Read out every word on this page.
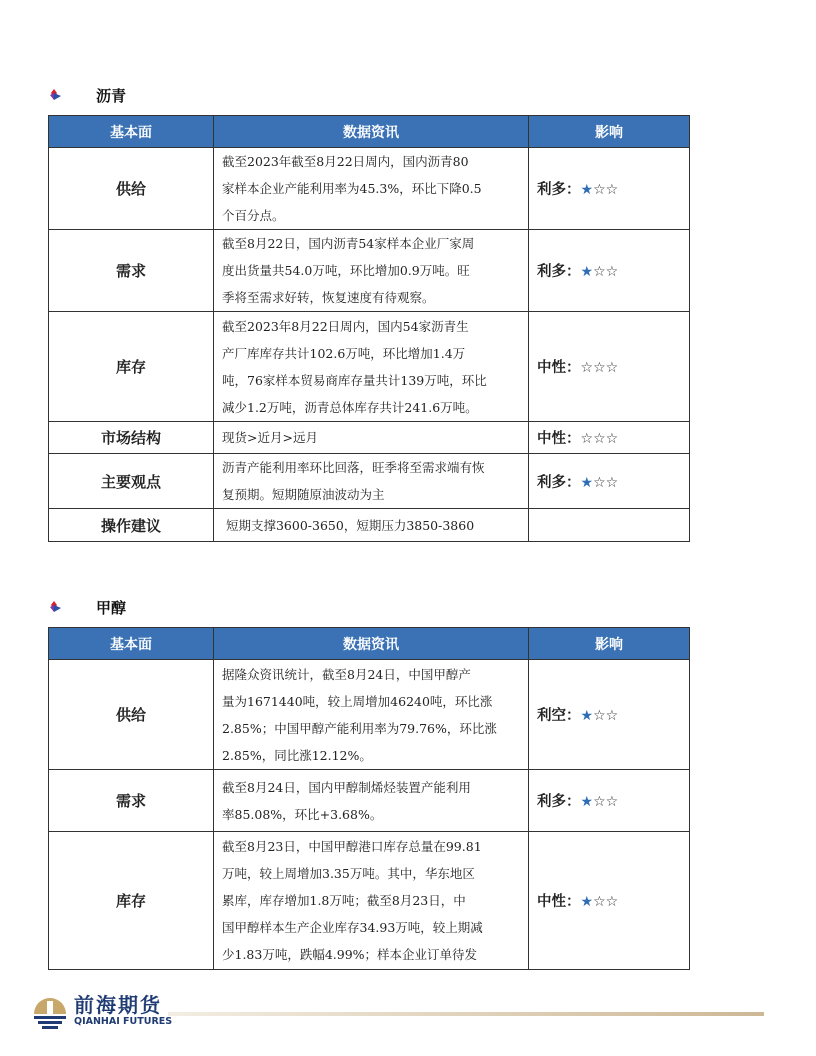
沥青
基本面	数据资讯	影响
供给	截至2023年截至8月22日周内，国内沥青80
家样本企业产能利用率为45.3%，环比下降0.5
个百分点。	利多：★☆☆
需求	截至8月22日，国内沥青54家样本企业厂家周
度出货量共54.0万吨，环比增加0.9万吨。旺
季将至需求好转，恢复速度有待观察。	利多：★☆☆
库存	截至2023年8月22日周内，国内54家沥青生
产厂库库存共计102.6万吨，环比增加1.4万
吨，76家样本贸易商库存量共计139万吨，环比
减少1.2万吨，沥青总体库存共计241.6万吨。	中性：☆☆☆
市场结构	现货>近月>远月	中性：☆☆☆
主要观点	沥青产能利用率环比回落，旺季将至需求端有恢
复预期。短期随原油波动为主	利多：★☆☆
操作建议	短期支撑3600-3650，短期压力3850-3860	

甲醇
基本面	数据资讯	影响
供给	据隆众资讯统计，截至8月24日，中国甲醇产
量为1671440吨，较上周增加46240吨，环比涨
2.85%；中国甲醇产能利用率为79.76%，环比涨
2.85%，同比涨12.12%。	利空：★☆☆
需求	截至8月24日，国内甲醇制烯烃装置产能利用
率85.08%，环比+3.68%。	利多：★☆☆
库存	截至8月23日，中国甲醇港口库存总量在99.81
万吨，较上周增加3.35万吨。其中，华东地区
累库，库存增加1.8万吨；截至8月23日，中
国甲醇样本生产企业库存34.93万吨，较上期减
少1.83万吨，跌幅4.99%；样本企业订单待发	中性：★☆☆
前海期货
QIANHAI FUTURES
